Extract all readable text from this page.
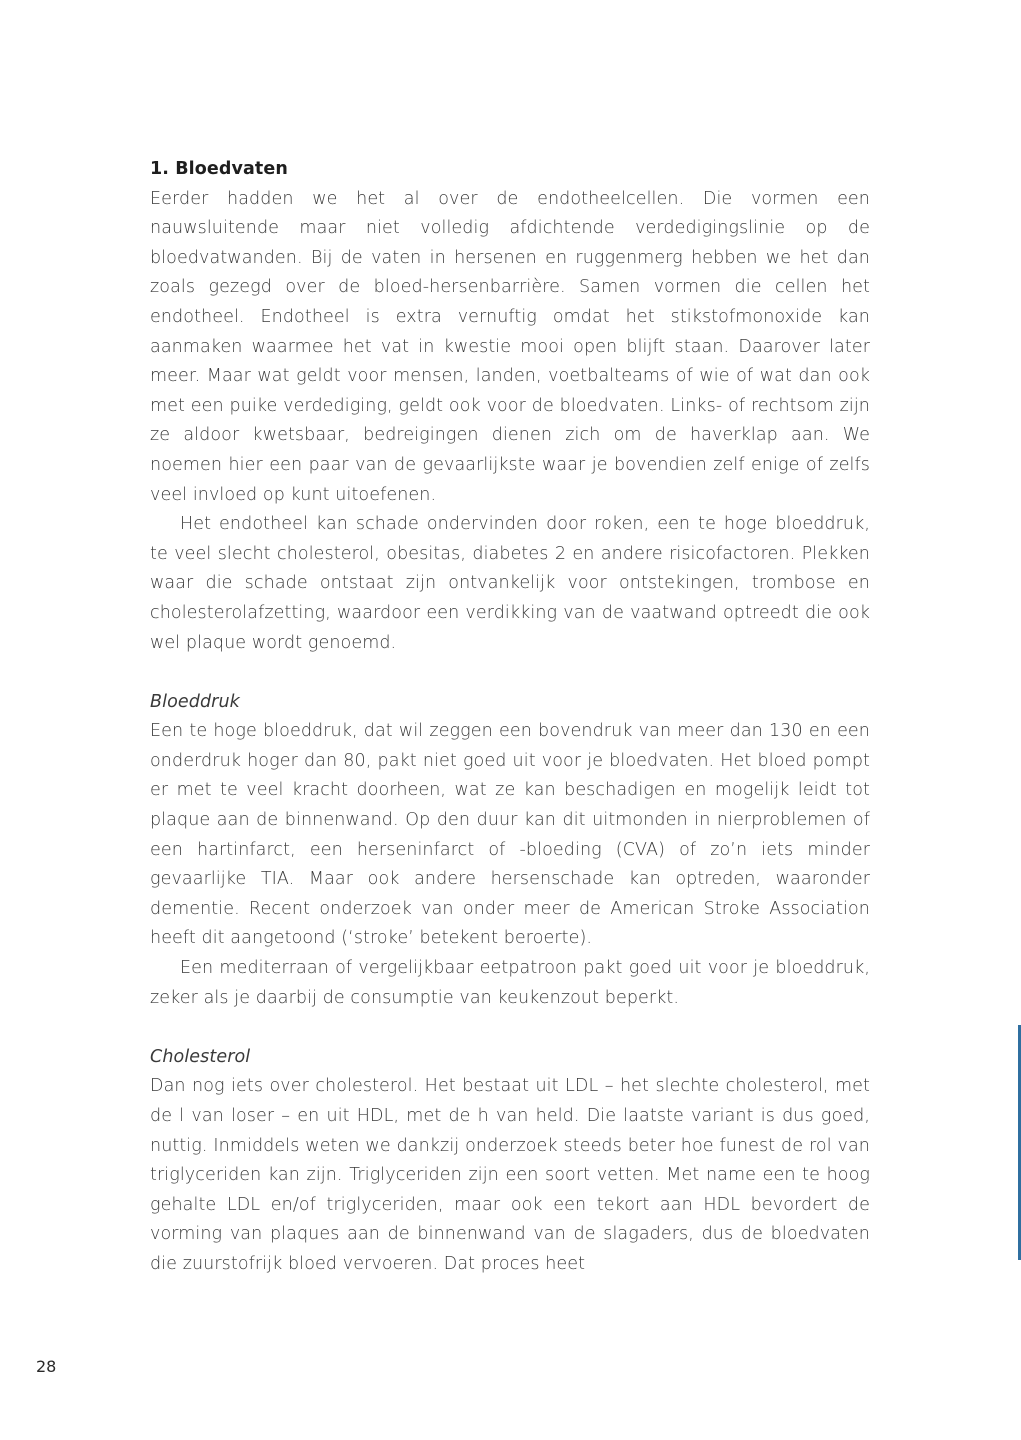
1. Bloedvaten

Eerder hadden we het al over de endotheelcellen. Die vormen een nauwsluitende maar niet volledig afdichtende verdedigingslinie op de bloedvatwanden. Bij de vaten in hersenen en ruggenmerg hebben we het dan zoals gezegd over de bloed-hersenbarrière. Samen vormen die cellen het endotheel. Endotheel is extra vernuftig omdat het stikstofmonoxide kan aanmaken waarmee het vat in kwestie mooi open blijft staan. Daarover later meer. Maar wat geldt voor mensen, landen, voetbalteams of wie of wat dan ook met een puike verdediging, geldt ook voor de bloedvaten. Links- of rechtsom zijn ze aldoor kwetsbaar, bedreigingen dienen zich om de haverklap aan. We noemen hier een paar van de gevaarlijkste waar je bovendien zelf enige of zelfs veel invloed op kunt uitoefenen.

Het endotheel kan schade ondervinden door roken, een te hoge bloeddruk, te veel slecht cholesterol, obesitas, diabetes 2 en andere risicofactoren. Plekken waar die schade ontstaat zijn ontvankelijk voor ontstekingen, trombose en cholesterolafzetting, waardoor een verdikking van de vaatwand optreedt die ook wel plaque wordt genoemd.

Bloeddruk

Een te hoge bloeddruk, dat wil zeggen een bovendruk van meer dan 130 en een onderdruk hoger dan 80, pakt niet goed uit voor je bloedvaten. Het bloed pompt er met te veel kracht doorheen, wat ze kan beschadigen en mogelijk leidt tot plaque aan de binnenwand. Op den duur kan dit uitmonden in nierproblemen of een hartinfarct, een herseninfarct of -bloeding (CVA) of zo’n iets minder gevaarlijke TIA. Maar ook andere hersenschade kan optreden, waaronder dementie. Recent onderzoek van onder meer de American Stroke Association heeft dit aangetoond (‘stroke’ betekent beroerte).

Een mediterraan of vergelijkbaar eetpatroon pakt goed uit voor je bloeddruk, zeker als je daarbij de consumptie van keukenzout beperkt.

Cholesterol

Dan nog iets over cholesterol. Het bestaat uit LDL – het slechte cholesterol, met de l van loser – en uit HDL, met de h van held. Die laatste variant is dus goed, nuttig. Inmiddels weten we dankzij onderzoek steeds beter hoe funest de rol van triglyceriden kan zijn. Triglyceriden zijn een soort vetten. Met name een te hoog gehalte LDL en/of triglyceriden, maar ook een tekort aan HDL bevordert de vorming van plaques aan de binnenwand van de slagaders, dus de bloedvaten die zuurstofrijk bloed vervoeren. Dat proces heet

28
